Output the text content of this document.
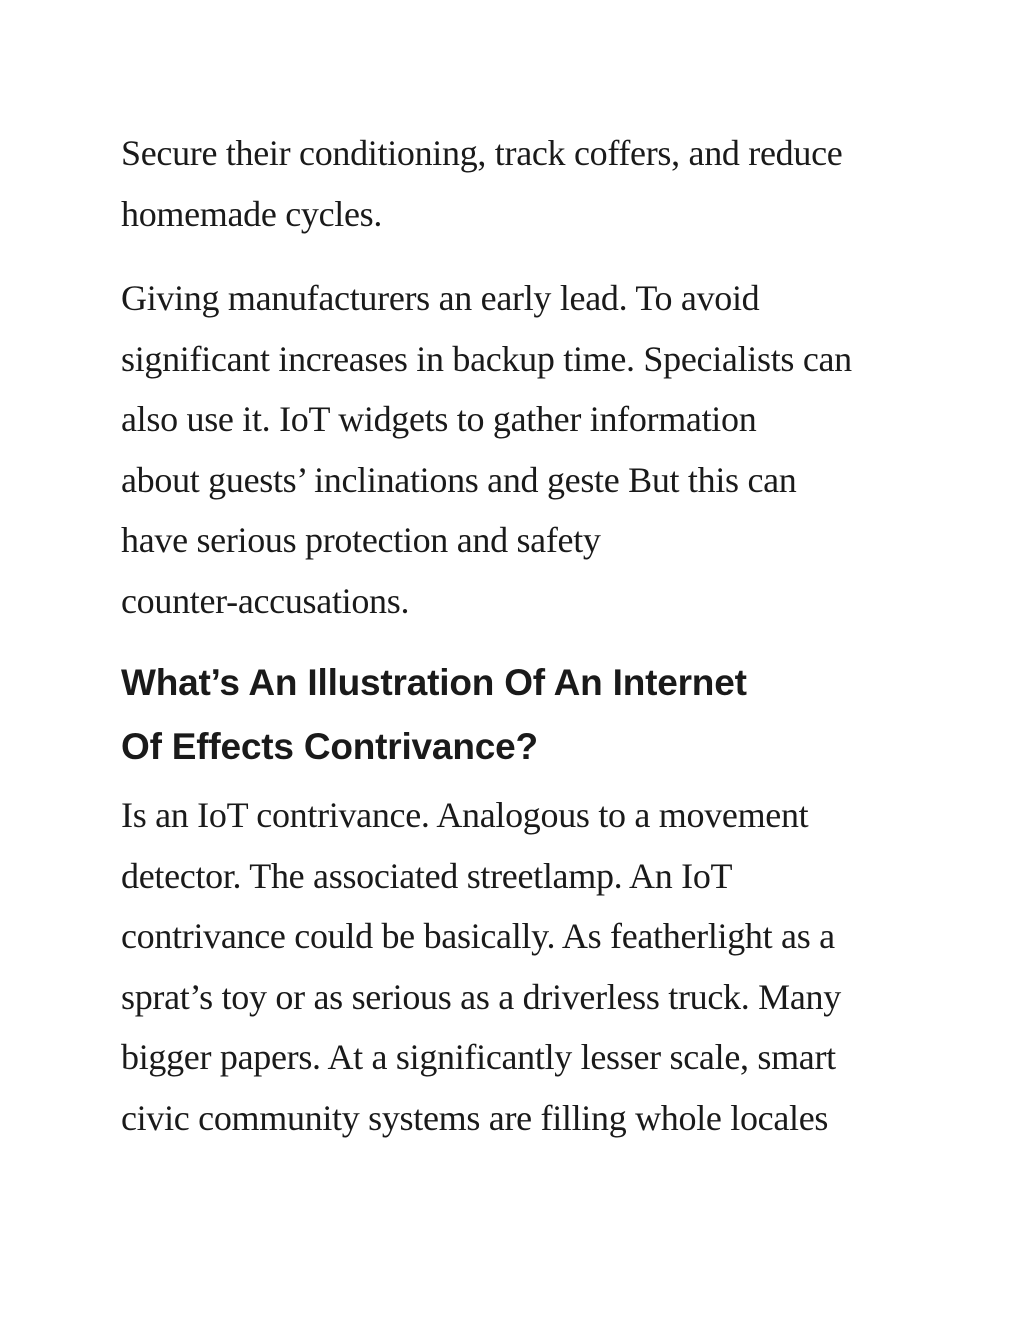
Secure their conditioning, track coffers, and reduce
homemade cycles.

Giving manufacturers an early lead. To avoid
significant increases in backup time. Specialists can
also use it. IoT widgets to gather information
about guests’ inclinations and geste But this can
have serious protection and safety
counter-accusations.

What’s An Illustration Of An Internet
Of Effects Contrivance?

Is an IoT contrivance. Analogous to a movement
detector. The associated streetlamp. An IoT
contrivance could be basically. As featherlight as a
sprat’s toy or as serious as a driverless truck. Many
bigger papers. At a significantly lesser scale, smart
civic community systems are filling whole locales
